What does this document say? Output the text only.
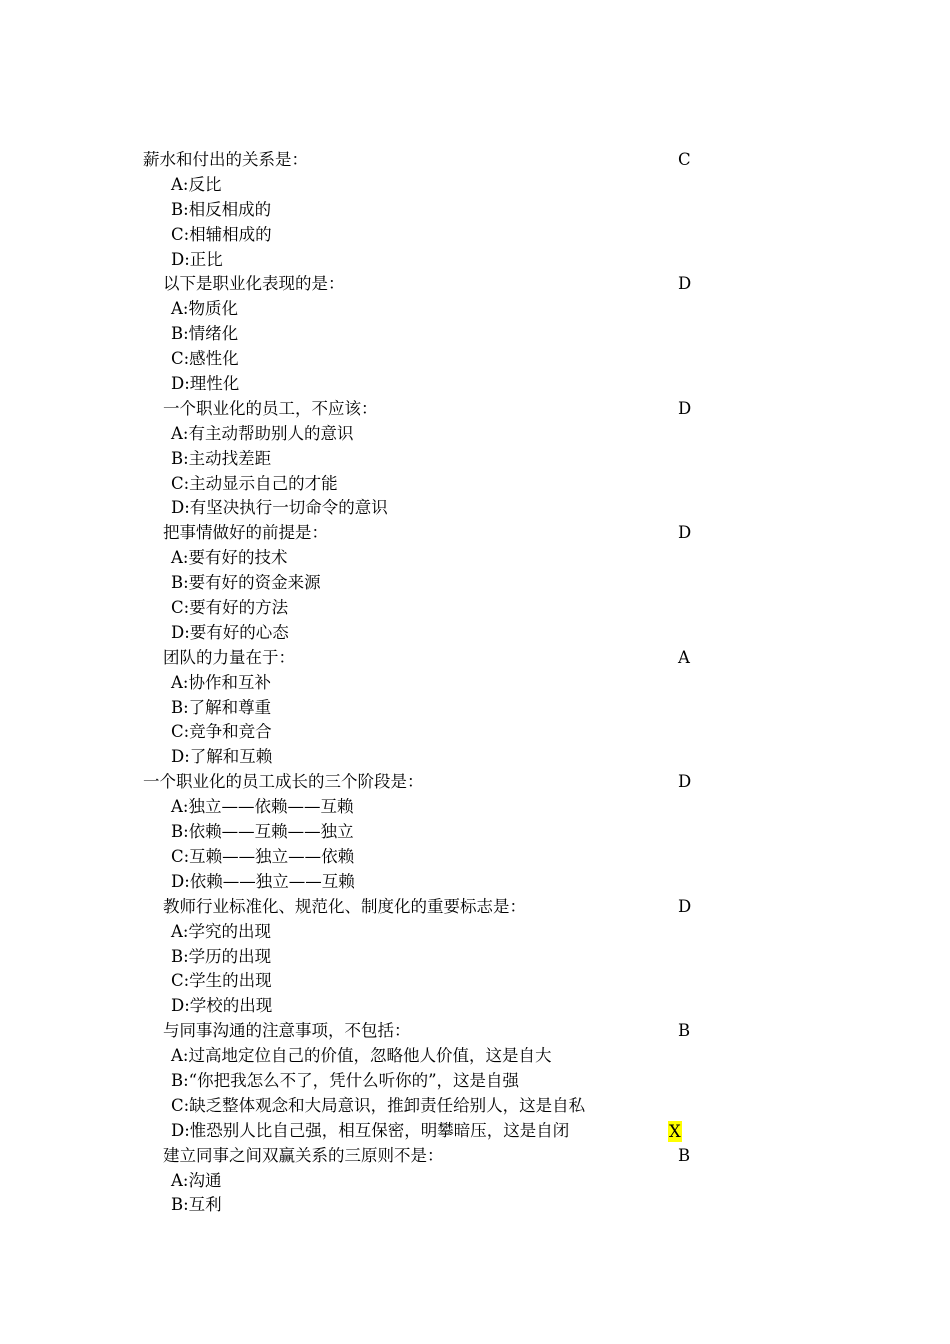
薪水和付出的关系是：	C
A:反比
B:相反相成的
C:相辅相成的
D:正比
以下是职业化表现的是：	D
A:物质化
B:情绪化
C:感性化
D:理性化
一个职业化的员工，不应该：	D
A:有主动帮助别人的意识
B:主动找差距
C:主动显示自己的才能
D:有坚决执行一切命令的意识
把事情做好的前提是：	D
A:要有好的技术
B:要有好的资金来源
C:要有好的方法
D:要有好的心态
团队的力量在于：	A
A:协作和互补
B:了解和尊重
C:竞争和竞合
D:了解和互赖
一个职业化的员工成长的三个阶段是：	D
A:独立——依赖——互赖
B:依赖——互赖——独立
C:互赖——独立——依赖
D:依赖——独立——互赖
教师行业标准化、规范化、制度化的重要标志是：	D
A:学究的出现
B:学历的出现
C:学生的出现
D:学校的出现
与同事沟通的注意事项，不包括：	B
A:过高地定位自己的价值，忽略他人价值，这是自大
B:“你把我怎么不了，凭什么听你的”，这是自强
C:缺乏整体观念和大局意识，推卸责任给别人，这是自私
D:惟恐别人比自己强，相互保密，明攀暗压，这是自闭	X
建立同事之间双赢关系的三原则不是：	B
A:沟通
B:互利
